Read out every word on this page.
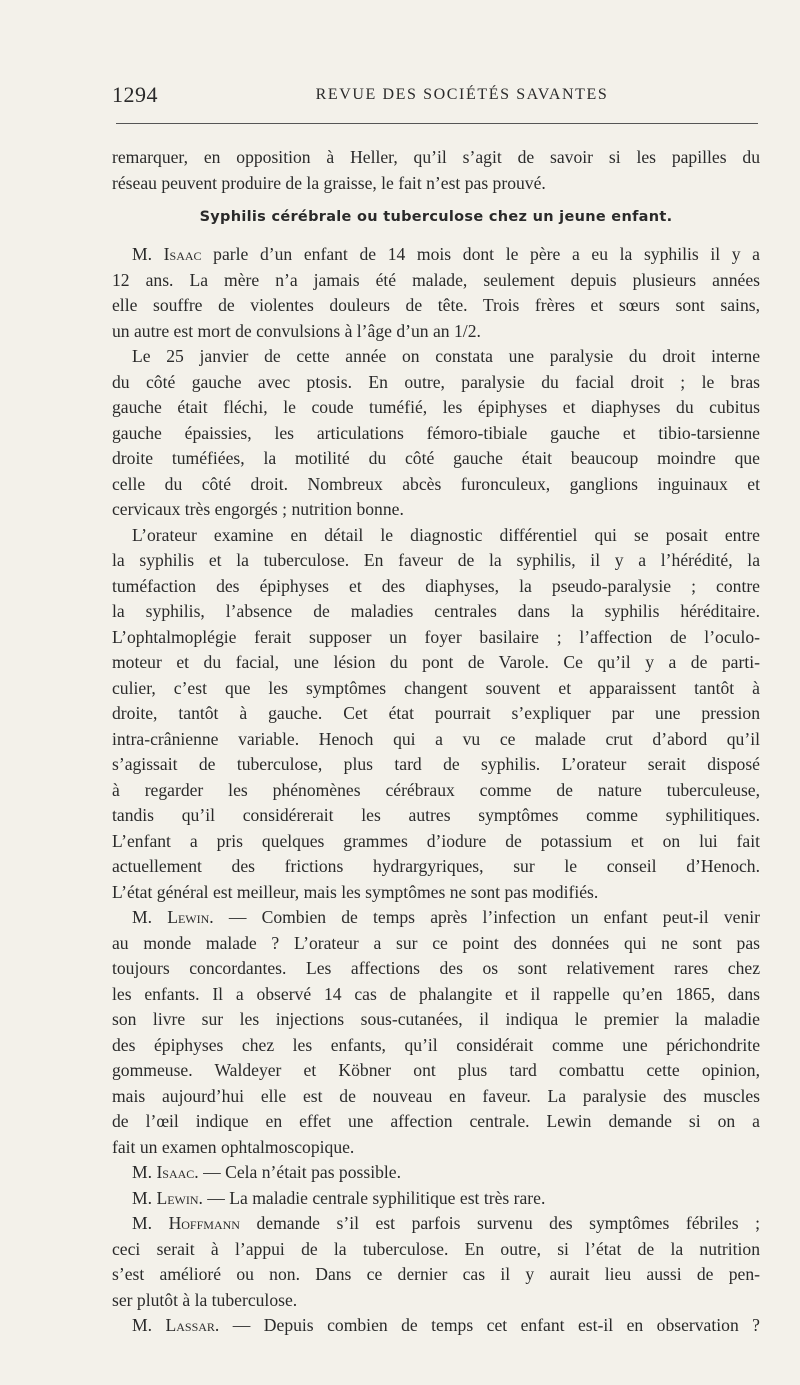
1294	REVUE DES SOCIÉTÉS SAVANTES
remarquer, en opposition à Heller, qu’il s’agit de savoir si les papilles du
réseau peuvent produire de la graisse, le fait n’est pas prouvé.
Syphilis cérébrale ou tuberculose chez un jeune enfant.
M. Isaac parle d’un enfant de 14 mois dont le père a eu la syphilis il y a
12 ans. La mère n’a jamais été malade, seulement depuis plusieurs années
elle souffre de violentes douleurs de tête. Trois frères et sœurs sont sains,
un autre est mort de convulsions à l’âge d’un an 1/2.
Le 25 janvier de cette année on constata une paralysie du droit interne
du côté gauche avec ptosis. En outre, paralysie du facial droit ; le bras
gauche était fléchi, le coude tuméfié, les épiphyses et diaphyses du cubitus
gauche épaissies, les articulations fémoro-tibiale gauche et tibio-tarsienne
droite tuméfiées, la motilité du côté gauche était beaucoup moindre que
celle du côté droit. Nombreux abcès furonculeux, ganglions inguinaux et
cervicaux très engorgés ; nutrition bonne.
L’orateur examine en détail le diagnostic différentiel qui se posait entre
la syphilis et la tuberculose. En faveur de la syphilis, il y a l’hérédité, la
tuméfaction des épiphyses et des diaphyses, la pseudo-paralysie ; contre
la syphilis, l’absence de maladies centrales dans la syphilis héréditaire.
L’ophtalmoplégie ferait supposer un foyer basilaire ; l’affection de l’oculo-
moteur et du facial, une lésion du pont de Varole. Ce qu’il y a de parti-
culier, c’est que les symptômes changent souvent et apparaissent tantôt à
droite, tantôt à gauche. Cet état pourrait s’expliquer par une pression
intra-crânienne variable. Henoch qui a vu ce malade crut d’abord qu’il
s’agissait de tuberculose, plus tard de syphilis. L’orateur serait disposé
à regarder les phénomènes cérébraux comme de nature tuberculeuse,
tandis qu’il considérerait les autres symptômes comme syphilitiques.
L’enfant a pris quelques grammes d’iodure de potassium et on lui fait
actuellement des frictions hydrargyriques, sur le conseil d’Henoch.
L’état général est meilleur, mais les symptômes ne sont pas modifiés.
M. Lewin. — Combien de temps après l’infection un enfant peut-il venir
au monde malade ? L’orateur a sur ce point des données qui ne sont pas
toujours concordantes. Les affections des os sont relativement rares chez
les enfants. Il a observé 14 cas de phalangite et il rappelle qu’en 1865, dans
son livre sur les injections sous-cutanées, il indiqua le premier la maladie
des épiphyses chez les enfants, qu’il considérait comme une périchondrite
gommeuse. Waldeyer et Köbner ont plus tard combattu cette opinion,
mais aujourd’hui elle est de nouveau en faveur. La paralysie des muscles
de l’œil indique en effet une affection centrale. Lewin demande si on a
fait un examen ophtalmoscopique.
M. Isaac. — Cela n’était pas possible.
M. Lewin. — La maladie centrale syphilitique est très rare.
M. Hoffmann demande s’il est parfois survenu des symptômes fébriles ;
ceci serait à l’appui de la tuberculose. En outre, si l’état de la nutrition
s’est amélioré ou non. Dans ce dernier cas il y aurait lieu aussi de pen-
ser plutôt à la tuberculose.
M. Lassar. — Depuis combien de temps cet enfant est-il en observation ?
